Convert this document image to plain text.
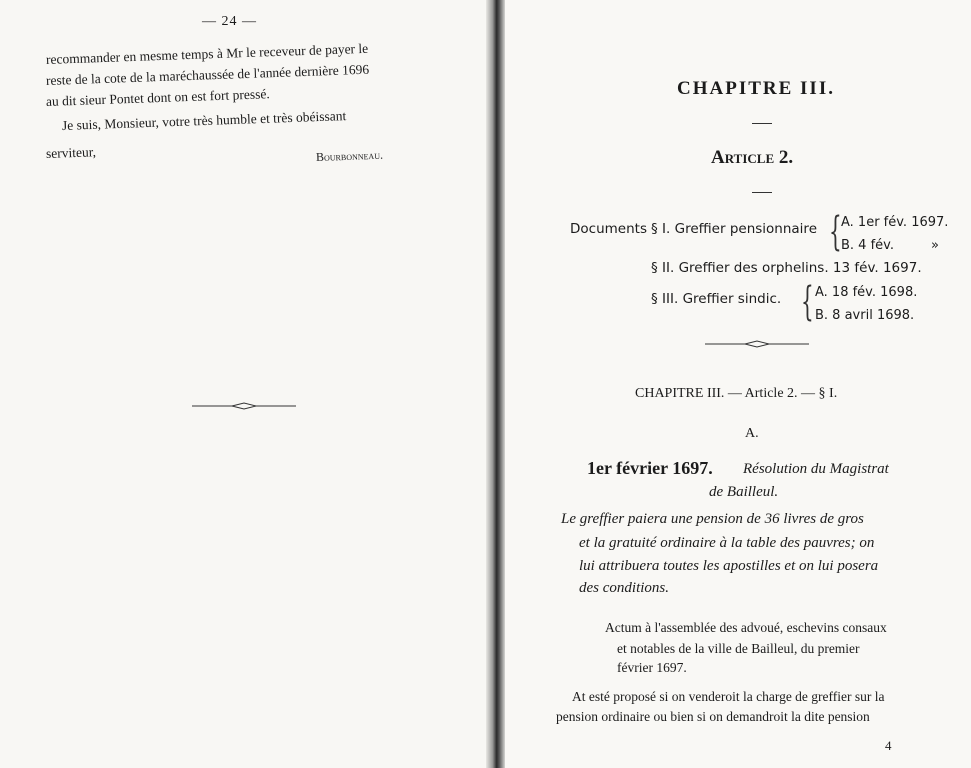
— 24 —
recommander en mesme temps à Mr le receveur de payer le
reste de la cote de la maréchaussée de l'année dernière 1696
au dit sieur Pontet dont on est fort pressé.
Je suis, Monsieur, votre très humble et très obéissant
serviteur,	Bourbonneau.
CHAPITRE III.
Article 2.
Documents § I. Greffier pensionnaire { A. 1er fév. 1697.
B. 4 fév.	»
§ II. Greffier des orphelins. 13 fév. 1697.
§ III. Greffier sindic. { A. 18 fév. 1698.
B. 8 avril 1698.
CHAPITRE III. — Article 2. — § I.
A.
1er février 1697. Résolution du Magistrat
de Bailleul.
Le greffier paiera une pension de 36 livres de gros
et la gratuité ordinaire à la table des pauvres; on
lui attribuera toutes les apostilles et on lui posera
des conditions.
Actum à l'assemblée des advoué, eschevins consaux
et notables de la ville de Bailleul, du premier
février 1697.
At esté proposé si on venderoit la charge de greffier sur la
pension ordinaire ou bien si on demandroit la dite pension
4
